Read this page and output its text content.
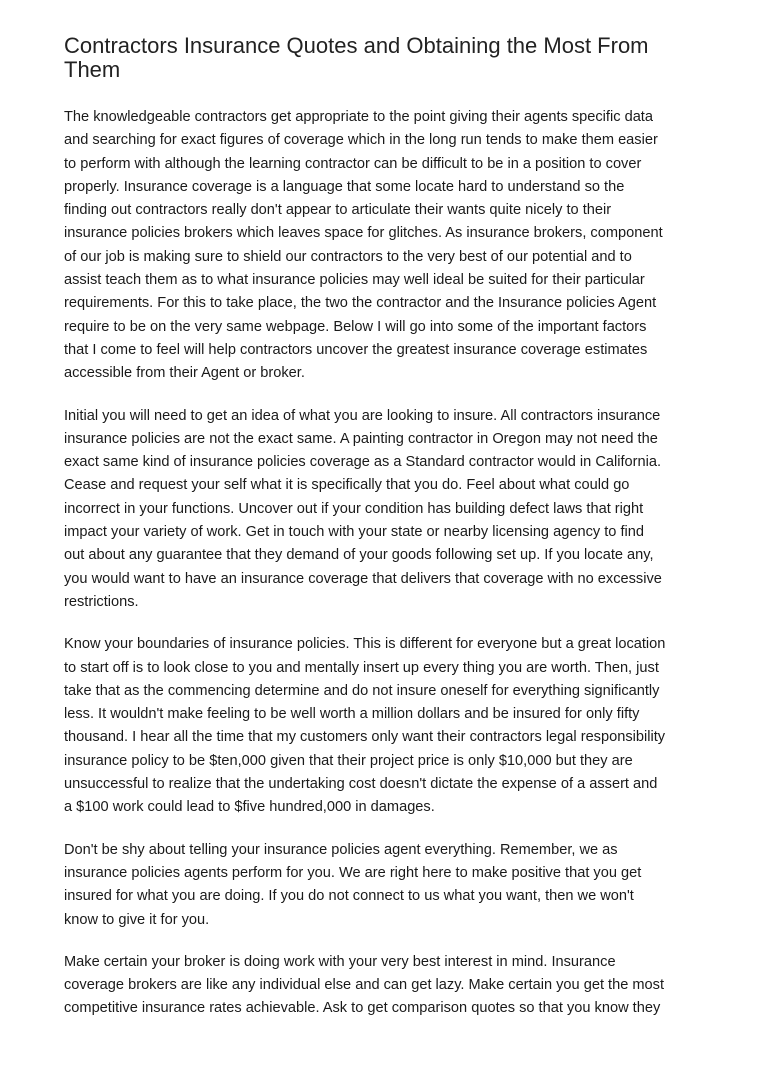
Contractors Insurance Quotes and Obtaining the Most From
Them
The knowledgeable contractors get appropriate to the point giving their agents specific data
and searching for exact figures of coverage which in the long run tends to make them easier
to perform with although the learning contractor can be difficult to be in a position to cover
properly. Insurance coverage is a language that some locate hard to understand so the
finding out contractors really don't appear to articulate their wants quite nicely to their
insurance policies brokers which leaves space for glitches. As insurance brokers, component
of our job is making sure to shield our contractors to the very best of our potential and to
assist teach them as to what insurance policies may well ideal be suited for their particular
requirements. For this to take place, the two the contractor and the Insurance policies Agent
require to be on the very same webpage. Below I will go into some of the important factors
that I come to feel will help contractors uncover the greatest insurance coverage estimates
accessible from their Agent or broker.
Initial you will need to get an idea of what you are looking to insure. All contractors insurance
insurance policies are not the exact same. A painting contractor in Oregon may not need the
exact same kind of insurance policies coverage as a Standard contractor would in California.
Cease and request your self what it is specifically that you do. Feel about what could go
incorrect in your functions. Uncover out if your condition has building defect laws that right
impact your variety of work. Get in touch with your state or nearby licensing agency to find
out about any guarantee that they demand of your goods following set up. If you locate any,
you would want to have an insurance coverage that delivers that coverage with no excessive
restrictions.
Know your boundaries of insurance policies. This is different for everyone but a great location
to start off is to look close to you and mentally insert up every thing you are worth. Then, just
take that as the commencing determine and do not insure oneself for everything significantly
less. It wouldn't make feeling to be well worth a million dollars and be insured for only fifty
thousand. I hear all the time that my customers only want their contractors legal responsibility
insurance policy to be $ten,000 given that their project price is only $10,000 but they are
unsuccessful to realize that the undertaking cost doesn't dictate the expense of a assert and
a $100 work could lead to $five hundred,000 in damages.
Don't be shy about telling your insurance policies agent everything. Remember, we as
insurance policies agents perform for you. We are right here to make positive that you get
insured for what you are doing. If you do not connect to us what you want, then we won't
know to give it for you.
Make certain your broker is doing work with your very best interest in mind. Insurance
coverage brokers are like any individual else and can get lazy. Make certain you get the most
competitive insurance rates achievable. Ask to get comparison quotes so that you know they
